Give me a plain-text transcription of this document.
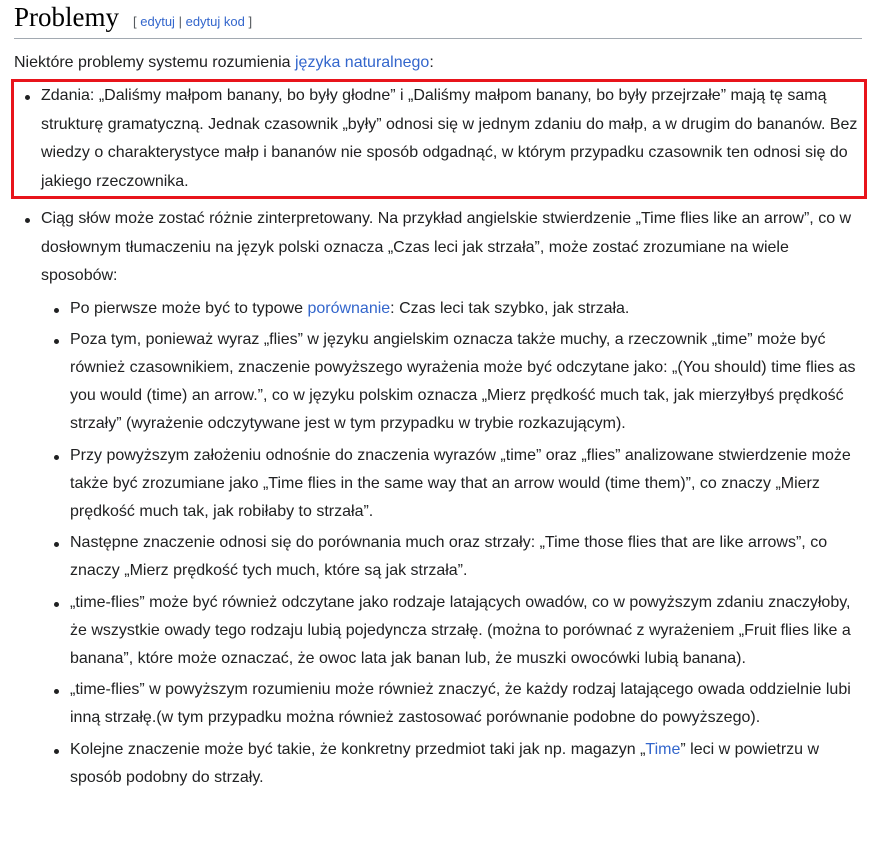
Problemy [ edytuj | edytuj kod ]

Niektóre problemy systemu rozumienia języka naturalnego:

Zdania: „Daliśmy małpom banany, bo były głodne” i „Daliśmy małpom banany, bo były przejrzałe” mają tę samą strukturę gramatyczną. Jednak czasownik „były” odnosi się w jednym zdaniu do małp, a w drugim do bananów. Bez wiedzy o charakterystyce małp i bananów nie sposób odgadnąć, w którym przypadku czasownik ten odnosi się do jakiego rzeczownika.
Ciąg słów może zostać różnie zinterpretowany. Na przykład angielskie stwierdzenie „Time flies like an arrow”, co w dosłownym tłumaczeniu na język polski oznacza „Czas leci jak strzała”, może zostać zrozumiane na wiele sposobów:
Po pierwsze może być to typowe porównanie: Czas leci tak szybko, jak strzała.
Poza tym, ponieważ wyraz „flies” w języku angielskim oznacza także muchy, a rzeczownik „time” może być również czasownikiem, znaczenie powyższego wyrażenia może być odczytane jako: „(You should) time flies as you would (time) an arrow.”, co w języku polskim oznacza „Mierz prędkość much tak, jak mierzyłbyś prędkość strzały” (wyrażenie odczytywane jest w tym przypadku w trybie rozkazującym).
Przy powyższym założeniu odnośnie do znaczenia wyrazów „time” oraz „flies” analizowane stwierdzenie może także być zrozumiane jako „Time flies in the same way that an arrow would (time them)”, co znaczy „Mierz prędkość much tak, jak robiłaby to strzała”.
Następne znaczenie odnosi się do porównania much oraz strzały: „Time those flies that are like arrows”, co znaczy „Mierz prędkość tych much, które są jak strzała”.
„time-flies” może być również odczytane jako rodzaje latających owadów, co w powyższym zdaniu znaczyłoby, że wszystkie owady tego rodzaju lubią pojedyncza strzałę. (można to porównać z wyrażeniem „Fruit flies like a banana”, które może oznaczać, że owoc lata jak banan lub, że muszki owocówki lubią banana).
„time-flies” w powyższym rozumieniu może również znaczyć, że każdy rodzaj latającego owada oddzielnie lubi inną strzałę.(w tym przypadku można również zastosować porównanie podobne do powyższego).
Kolejne znaczenie może być takie, że konkretny przedmiot taki jak np. magazyn „Time” leci w powietrzu w sposób podobny do strzały.
